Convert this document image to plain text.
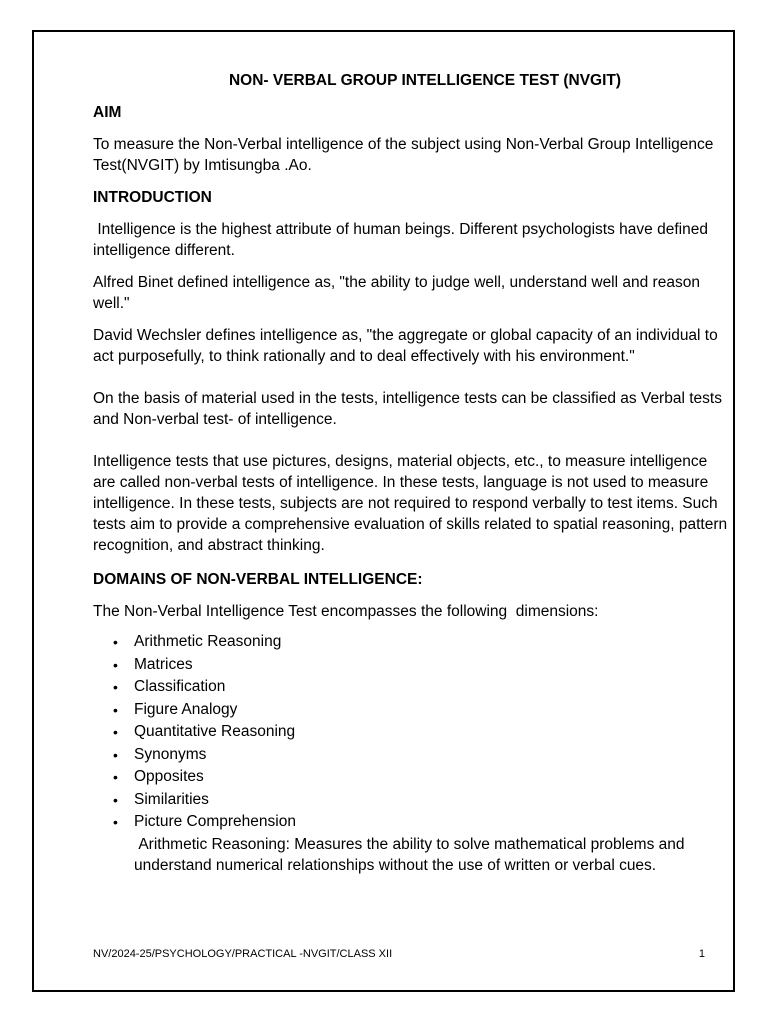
NON- VERBAL GROUP INTELLIGENCE TEST (NVGIT)
AIM

To measure the Non-Verbal intelligence of the subject using Non-Verbal Group Intelligence Test(NVGIT) by Imtisungba .Ao.

INTRODUCTION

Intelligence is the highest attribute of human beings. Different psychologists have defined intelligence different.

Alfred Binet defined intelligence as, "the ability to judge well, understand well and reason well."

David Wechsler defines intelligence as, "the aggregate or global capacity of an individual to act purposefully, to think rationally and to deal effectively with his environment."

On the basis of material used in the tests, intelligence tests can be classified as Verbal tests and Non-verbal test- of intelligence.

Intelligence tests that use pictures, designs, material objects, etc., to measure intelligence are called non-verbal tests of intelligence. In these tests, language is not used to measure intelligence. In these tests, subjects are not required to respond verbally to test items. Such tests aim to provide a comprehensive evaluation of skills related to spatial reasoning, pattern recognition, and abstract thinking.

DOMAINS OF NON-VERBAL INTELLIGENCE:

The Non-Verbal Intelligence Test encompasses the following  dimensions:

• Arithmetic Reasoning
• Matrices
• Classification
• Figure Analogy
• Quantitative Reasoning
• Synonyms
• Opposites
• Similarities
• Picture Comprehension

Arithmetic Reasoning: Measures the ability to solve mathematical problems and understand numerical relationships without the use of written or verbal cues.

NV/2024-25/PSYCHOLOGY/PRACTICAL -NVGIT/CLASS XII	1
